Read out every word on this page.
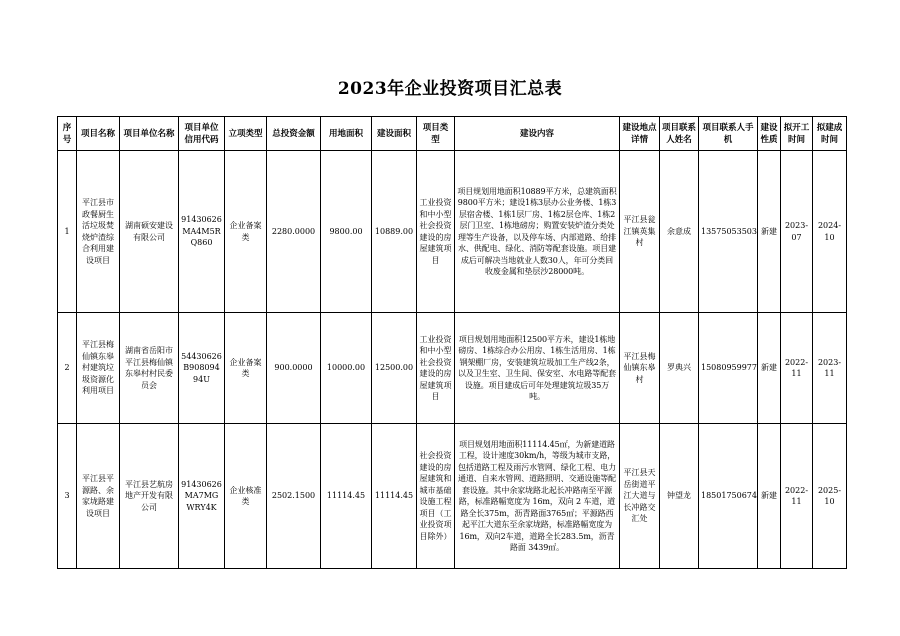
2023年企业投资项目汇总表
序号	项目名称	项目单位名称	项目单位信用代码	立项类型	总投资金额	用地面积	建设面积	项目类型	建设内容	建设地点详情	项目联系人姓名	项目联系人手机	建设性质	拟开工时间	拟建成时间
1	平江县市政餐厨生活垃圾焚烧炉渣综合利用建设项目	湖南硕安建设有限公司	91430626MA4M5RQ860	企业备案类	2280.0000	9800.00	10889.00	工业投资和中小型社会投资建设的房屋建筑项目	项目规划用地面积10889平方米，总建筑面积9800平方米；建设1栋3层办公业务楼、1栋3层宿舍楼、1栋1层厂房、1栋2层仓库、1栋2层门卫室、1栋地磅房；购置安装炉渣分类处理等生产设备，以及停车场、内部道路、给排水、供配电、绿化、消防等配套设施。项目建成后可解决当地就业人数30人，年可分类回收废金属和垫层沙28000吨。	平江县瓮江镇英集村	余意成	13575053503	新建	2023-07	2024-10
2	平江县梅仙镇东皋村建筑垃圾资源化利用项目	湖南省岳阳市平江县梅仙镇东皋村村民委员会	54430626B90809494U	企业备案类	900.0000	10000.00	12500.00	工业投资和中小型社会投资建设的房屋建筑项目	项目规划用地面积12500平方米，建设1栋地磅房、1栋综合办公用房、1栋生活用房、1栋钢架棚厂房，安装建筑垃圾加工生产线2条，以及卫生室、卫生间、保安室、水电路等配套设施。项目建成后可年处理建筑垃圾35万吨。	平江县梅仙镇东皋村	罗典兴	15080959977	新建	2022-11	2023-11
3	平江县平源路、余家垅路建设项目	平江县艺航房地产开发有限公司	91430626MA7MGWRY4K	企业核准类	2502.1500	11114.45	11114.45	社会投资建设的房屋建筑和城市基础设施工程项目（工业投资项目除外）	项目规划用地面积11114.45㎡，为新建道路工程，设计速度30km/h，等级为城市支路，包括道路工程及雨污水管网、绿化工程、电力通道、自来水管网、道路照明、交通设施等配套设施。其中余家垅路北起长冲路南至平源路，标准路幅宽度为 16m，双向 2 车道，道路全长375m，沥青路面3765㎡；平源路西起平江大道东至余家垅路，标准路幅宽度为16m，双向2车道，道路全长283.5m，沥青路面 3439㎡。	平江县天岳街道平江大道与长冲路交汇处	钟望龙	18501750674	新建	2022-11	2025-10
